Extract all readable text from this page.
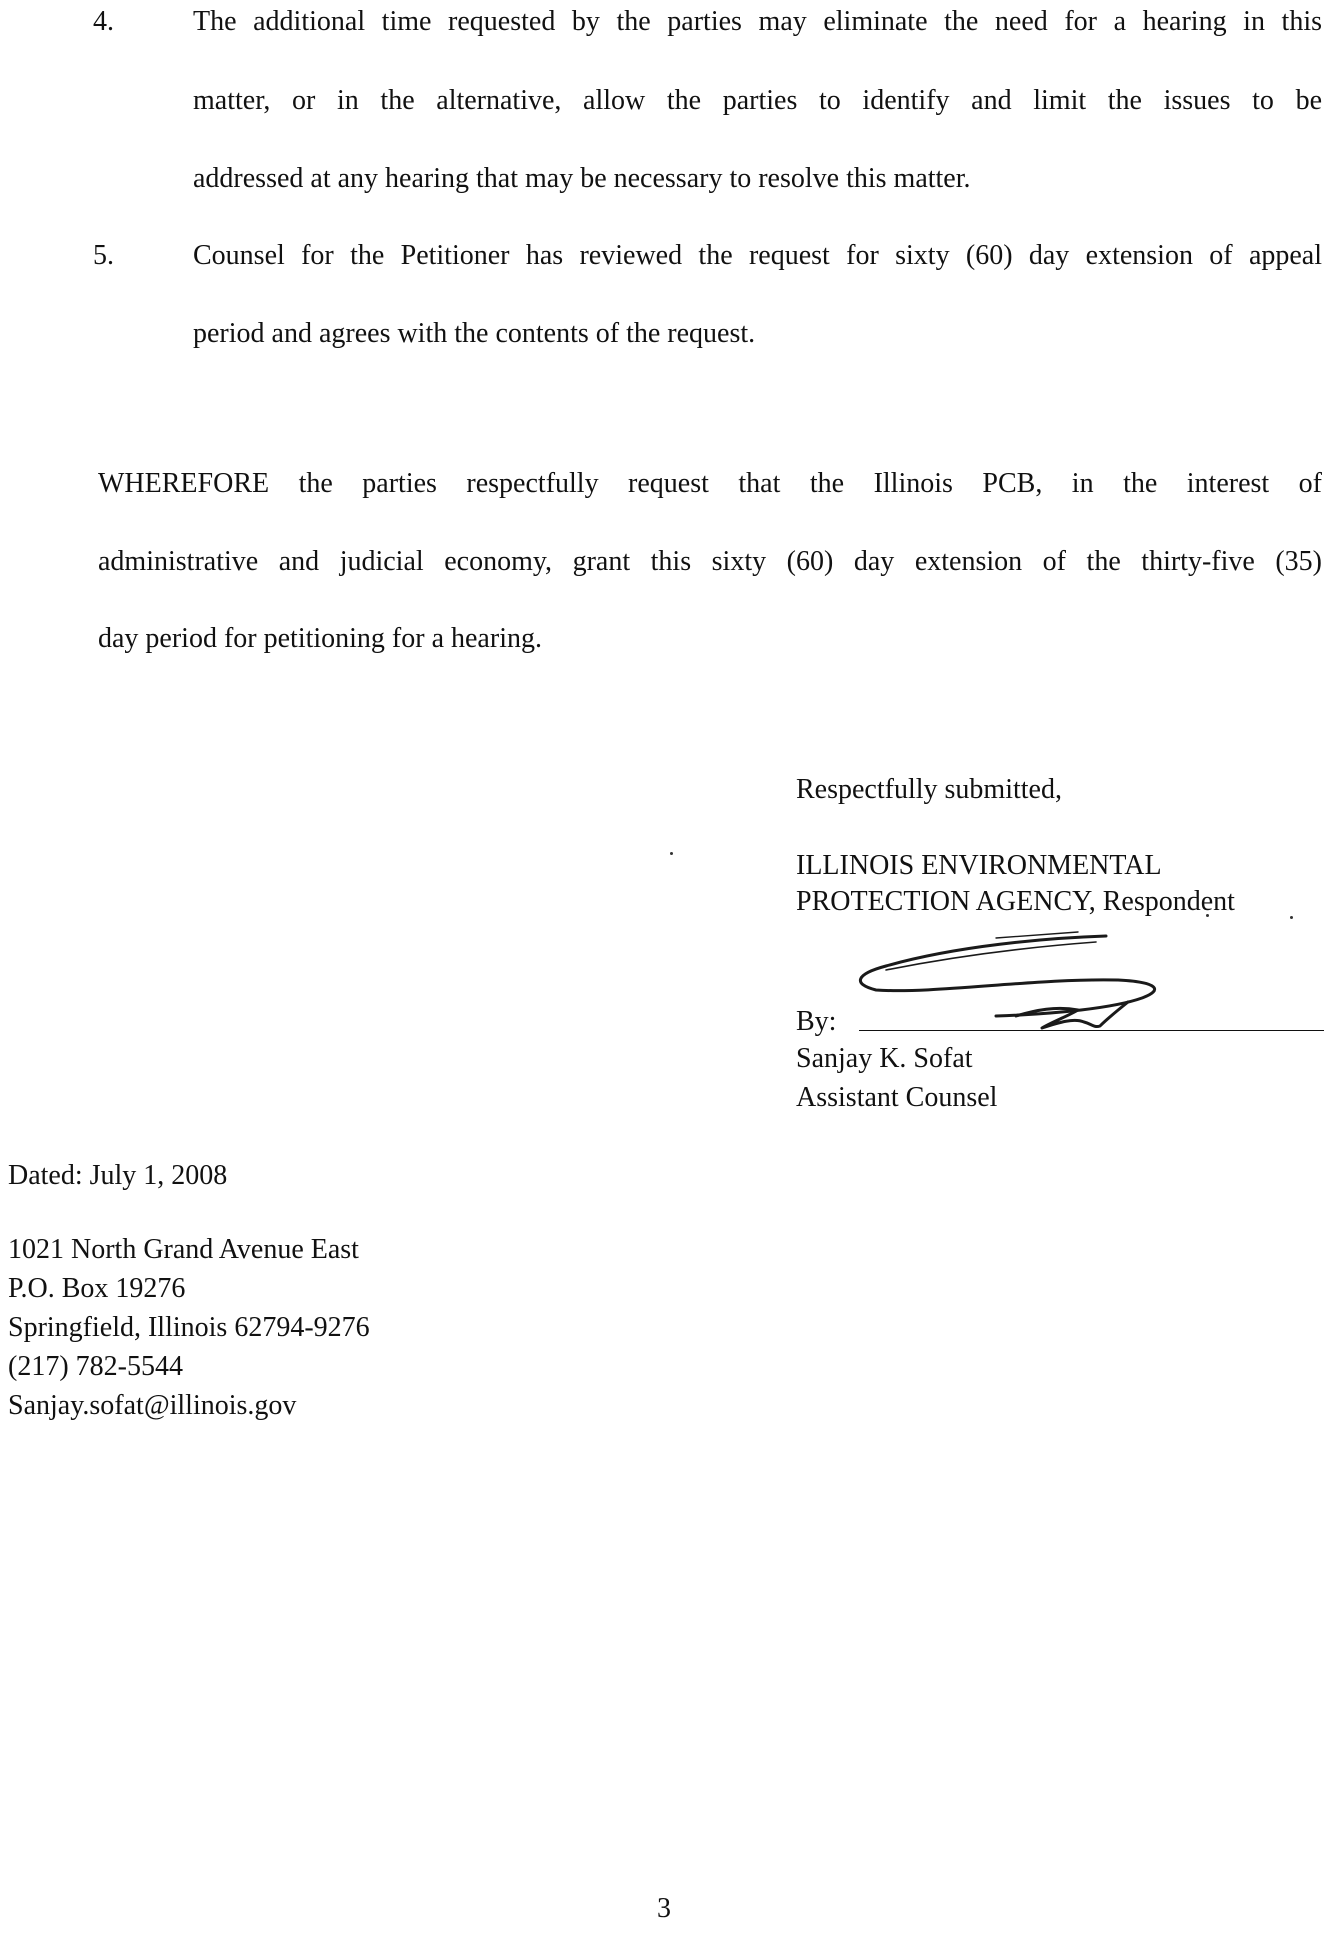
4.	The additional time requested by the parties may eliminate the need for a hearing in this
matter, or in the alternative, allow the parties to identify and limit the issues to be
addressed at any hearing that may be necessary to resolve this matter.
5.	Counsel for the Petitioner has reviewed the request for sixty (60) day extension of appeal
period and agrees with the contents of the request.
WHEREFORE the parties respectfully request that the Illinois PCB, in the interest of
administrative and judicial economy, grant this sixty (60) day extension of the thirty-five (35)
day period for petitioning for a hearing.
Respectfully submitted,
ILLINOIS ENVIRONMENTAL
PROTECTION AGENCY, Respondent
By:
Sanjay K. Sofat
Assistant Counsel
Dated: July 1, 2008
1021 North Grand Avenue East
P.O. Box 19276
Springfield, Illinois 62794-9276
(217) 782-5544
Sanjay.sofat@illinois.gov
3
